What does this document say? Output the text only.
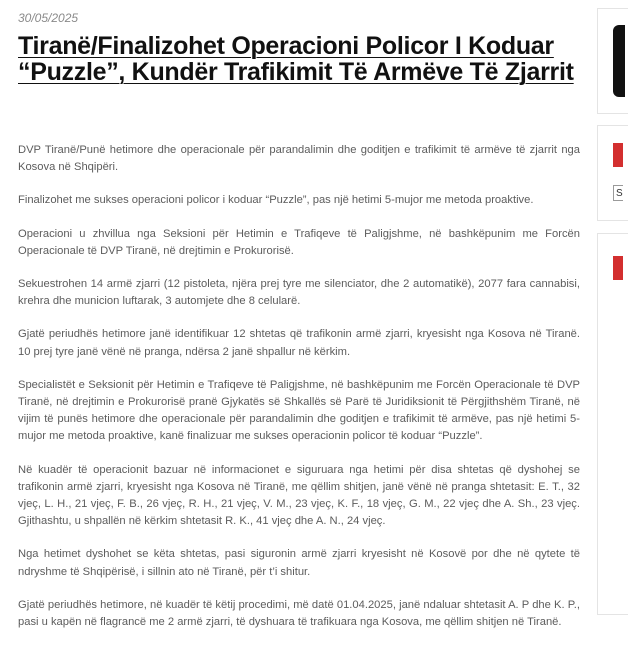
30/05/2025
Tiranë/Finalizohet Operacioni Policor I Koduar “Puzzle”, Kundër Trafikimit Të Armëve Të Zjarrit

DVP Tiranë/Punë hetimore dhe operacionale për parandalimin dhe goditjen e trafikimit të armëve të zjarrit nga Kosova në Shqipëri.

Finalizohet me sukses operacioni policor i koduar “Puzzle”, pas një hetimi 5-mujor me metoda proaktive.

Operacioni u zhvillua nga Seksioni për Hetimin e Trafiqeve të Paligjshme, në bashkëpunim me Forcën Operacionale të DVP Tiranë, në drejtimin e Prokurorisë.

Sekuestrohen 14 armë zjarri (12 pistoleta, njëra prej tyre me silenciator, dhe 2 automatikë), 2077 fara cannabisi, krehra dhe municion luftarak, 3 automjete dhe 8 celularë.

Gjatë periudhës hetimore janë identifikuar 12 shtetas që trafikonin armë zjarri, kryesisht nga Kosova në Tiranë. 10 prej tyre janë vënë në pranga, ndërsa 2 janë shpallur në kërkim.

Specialistët e Seksionit për Hetimin e Trafiqeve të Paligjshme, në bashkëpunim me Forcën Operacionale të DVP Tiranë, në drejtimin e Prokurorisë pranë Gjykatës së Shkallës së Parë të Juridiksionit të Përgjithshëm Tiranë, në vijim të punës hetimore dhe operacionale për parandalimin dhe goditjen e trafikimit të armëve, pas një hetimi 5-mujor me metoda proaktive, kanë finalizuar me sukses operacionin policor të koduar “Puzzle”.

Në kuadër të operacionit bazuar në informacionet e siguruara nga hetimi për disa shtetas që dyshohej se trafikonin armë zjarri, kryesisht nga Kosova në Tiranë, me qëllim shitjen, janë vënë në pranga shtetasit: E. T., 32 vjeç, L. H., 21 vjeç, F. B., 26 vjeç, R. H., 21 vjeç, V. M., 23 vjeç, K. F., 18 vjeç, G. M., 22 vjeç dhe A. Sh., 23 vjeç. Gjithashtu, u shpallën në kërkim shtetasit R. K., 41 vjeç dhe A. N., 24 vjeç.

Nga hetimet dyshohet se këta shtetas, pasi siguronin armë zjarri kryesisht në Kosovë por dhe në qytete të ndryshme të Shqipërisë, i sillnin ato në Tiranë, për t’i shitur.

Gjatë periudhës hetimore, në kuadër të këtij procedimi, më datë 01.04.2025, janë ndaluar shtetasit A. P dhe K. P., pasi u kapën në flagrancë me 2 armë zjarri, të dyshuara të trafikuara nga Kosova, me qëllim shitjen në Tiranë.

S
